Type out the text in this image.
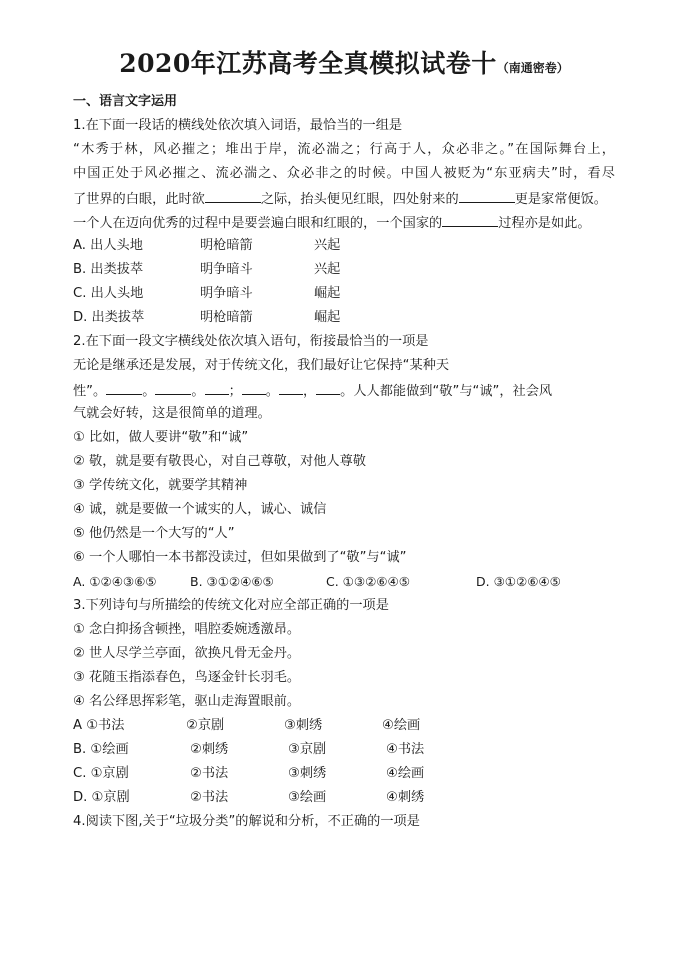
2020年江苏高考全真模拟试卷十（南通密卷）
一、语言文字运用
1.在下面一段话的横线处依次填入词语，最恰当的一组是
“木秀于林，风必摧之；堆出于岸，流必湍之；行高于人，众必非之。”在国际舞台上，
中国正处于风必摧之、流必湍之、众必非之的时候。中国人被贬为“东亚病夫”时，看尽
了世界的白眼，此时欲	之际，抬头便见红眼，四处射来的	更是家常便饭。
一个人在迈向优秀的过程中是要尝遍白眼和红眼的，一个国家的	过程亦是如此。
A. 出人头地	明枪暗箭	兴起
B. 出类拔萃	明争暗斗	兴起
C. 出人头地	明争暗斗	崛起
D. 出类拔萃	明枪暗箭	崛起
2.在下面一段文字横线处依次填入语句，衔接最恰当的一项是
无论是继承还是发展，对于传统文化，我们最好让它保持“某种天
性”。	。	。 ； 。 ， 。人人都能做到“敬”与“诚”，社会风
气就会好转，这是很简单的道理。
① 比如，做人要讲“敬”和“诚”
② 敬，就是要有敬畏心，对自己尊敬，对他人尊敬
③ 学传统文化，就要学其精神
④ 诚，就是要做一个诚实的人，诚心、诚信
⑤ 他仍然是一个大写的“人”
⑥ 一个人哪怕一本书都没读过，但如果做到了“敬”与“诚”
A. ①②④③⑥⑤	B. ③①②④⑥⑤	C. ①③②⑥④⑤	D. ③①②⑥④⑤
3.下列诗句与所描绘的传统文化对应全部正确的一项是
① 念白抑扬含顿挫，唱腔委婉透激昂。
② 世人尽学兰亭面，欲换凡骨无金丹。
③ 花随玉指添春色，鸟逐金针长羽毛。
④ 名公绎思挥彩笔，驱山走海置眼前。
A ①书法	②京剧	③刺绣	④绘画
B. ①绘画	②刺绣	③京剧	④书法
C. ①京剧	②书法	③刺绣	④绘画
D. ①京剧	②书法	③绘画	④刺绣
4.阅读下图,关于“垃圾分类”的解说和分析，不正确的一项是
